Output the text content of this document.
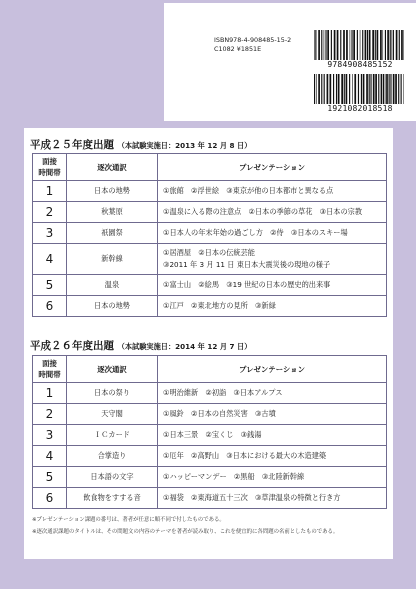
ISBN978-4-908485-15-2
C1082 ¥1851E
9784908485152
1921082018518
平成２５年度出題 （本試験実施日：2013 年 12 月 8 日）
面接
時間帯	逐次通訳	プレゼンテーション
1	日本の地勢	①旅館　②浮世絵　③東京が他の日本都市と異なる点

2	秋葉原	①温泉に入る際の注意点　②日本の季節の草花　③日本の宗教

3	祇園祭	①日本人の年末年始の過ごし方　②侍　③日本のスキー場

4	新幹線	①居酒屋　②日本の伝統芸能
③2011 年 3 月 11 日 東日本大震災後の現地の様子

5	温泉	①富士山　②絵馬　③19 世紀の日本の歴史的出来事

6	日本の地勢	①江戸　②東北地方の見所　③新緑
平成２６年度出題 （本試験実施日：2014 年 12 月 7 日）
面接
時間帯	逐次通訳	プレゼンテーション
1	日本の祭り	①明治維新　②初詣　③日本アルプス

2	天守閣	①風鈴　②日本の自然災害　③古墳

3	ＩＣカード	①日本三景　②宝くじ　③銭湯

4	合掌造り	①厄年　②高野山　③日本における最大の木造建築

5	日本語の文字	①ハッピーマンデー　②黒船　③北陸新幹線

6	飲食物をすする音	①福袋　②東海道五十三次　③草津温泉の特徴と行き方
※プレゼンテーション課題の番号は、著者が任意に順不同で付したものである。
※逐次通訳課題のタイトルは、その問題文の内容のテーマを著者が読み取り、これを便宜的に各問題の名前としたものである。
